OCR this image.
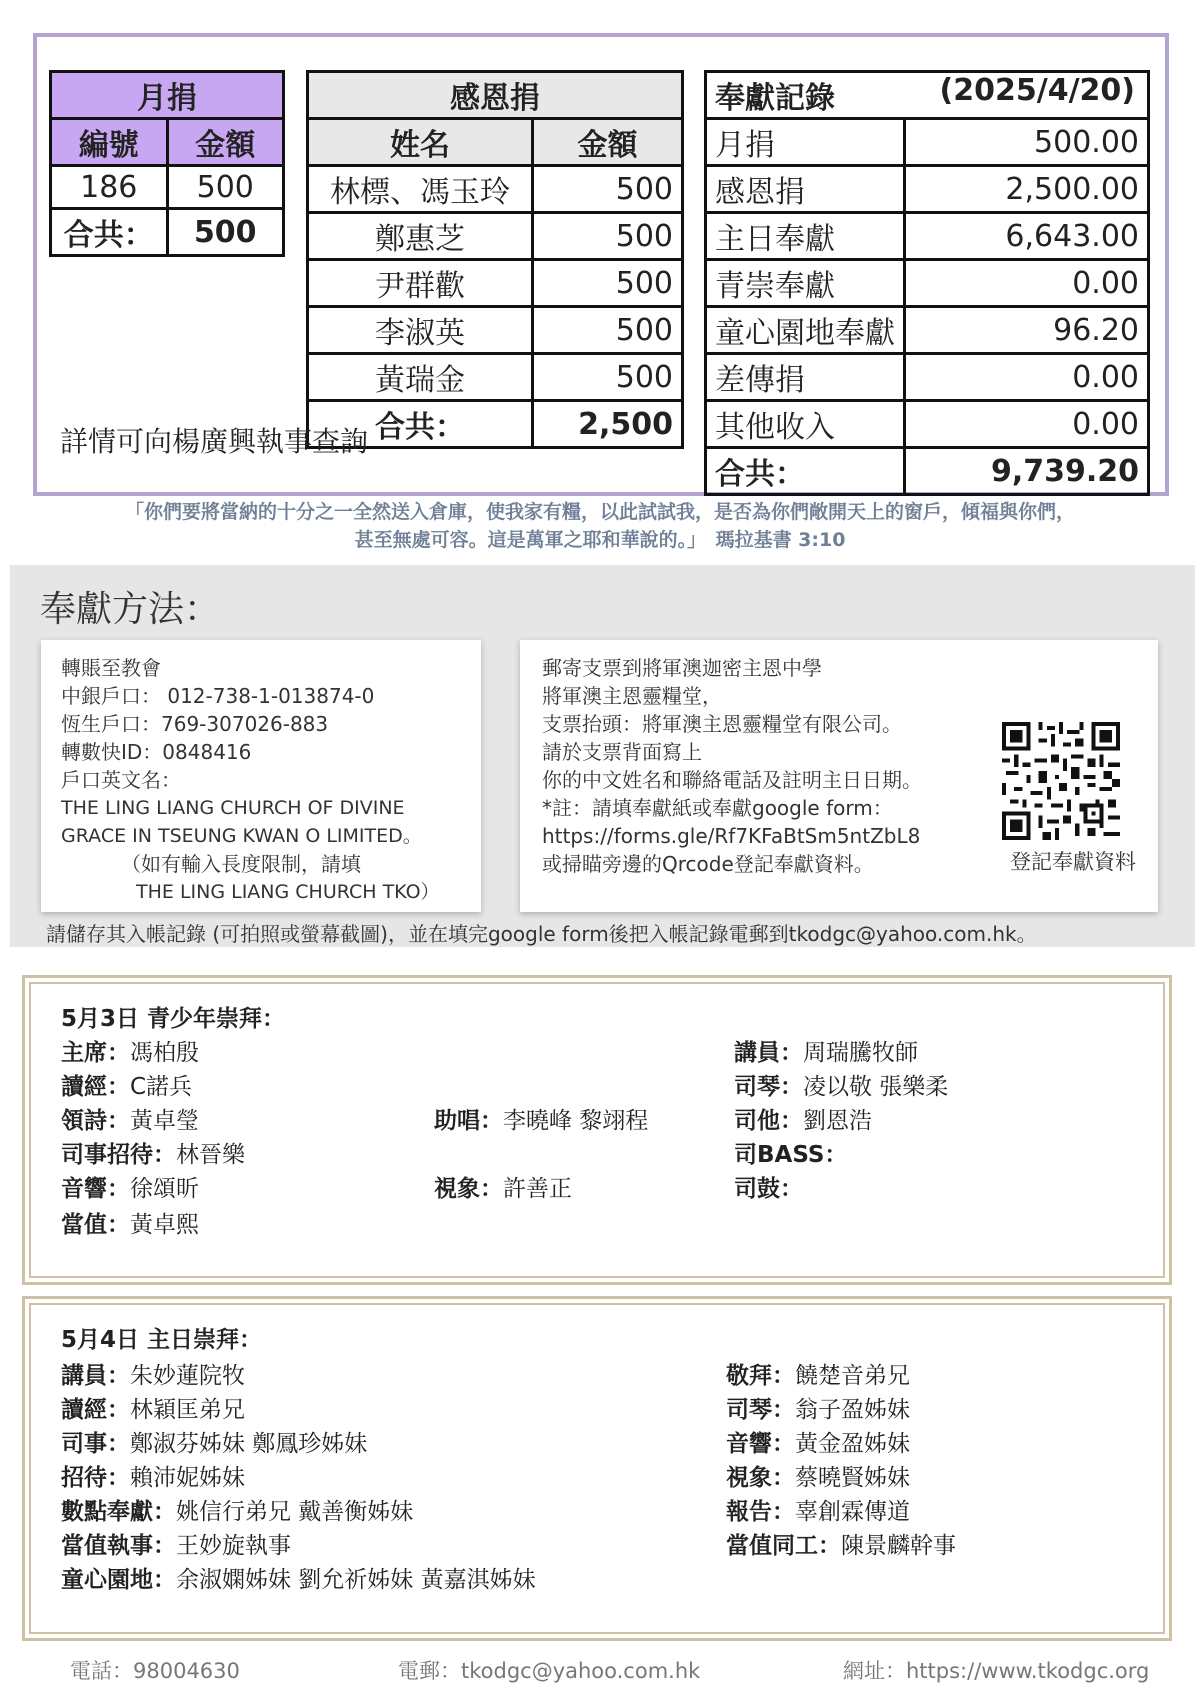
月捐	
編號	金額
186	500
合共：	500
感恩捐	
姓名	金額
林標、馮玉玲	500
鄭惠芝	500
尹群歡	500
李淑英	500
黃瑞金	500
合共：	2,500
奉獻記錄 (2025/4/20)	

月捐	500.00
感恩捐	2,500.00
主日奉獻	6,643.00
青崇奉獻	0.00
童心園地奉獻	96.20
差傳捐	0.00
其他收入	0.00
合共：	9,739.20
詳情可向楊廣興執事查詢
「你們要將當納的十分之一全然送入倉庫，使我家有糧，以此試試我，是否為你們敞開天上的窗戶，傾福與你們，
甚至無處可容。這是萬軍之耶和華說的。」　瑪拉基書 3:10
奉獻方法：

轉賬至教會

中銀戶口： 012-738-1-013874-0

恆生戶口：769-307026-883

轉數快ID：0848416

戶口英文名：

THE LING LIANG CHURCH OF DIVINE

GRACE IN TSEUNG KWAN O LIMITED。

（如有輸入長度限制，請填

THE LING LIANG CHURCH TKO）

郵寄支票到將軍澳迦密主恩中學

將軍澳主恩靈糧堂，

支票抬頭：將軍澳主恩靈糧堂有限公司。

請於支票背面寫上

你的中文姓名和聯絡電話及註明主日日期。

*註：請填奉獻紙或奉獻google form：

https://forms.gle/Rf7KFaBtSm5ntZbL8

或掃瞄旁邊的Qrcode登記奉獻資料。	登記奉獻資料
請儲存其入帳記錄 (可拍照或螢幕截圖)，並在填完google form後把入帳記錄電郵到tkodgc@yahoo.com.hk。
5月3日 青少年崇拜：
主席：馮柏殷
讀經：C諾兵
領詩：黃卓瑩
司事招待：林晉樂
音響：徐頌昕
當值：黃卓熙
助唱：李曉峰 黎翊程
視象：許善正
講員：周瑞騰牧師
司琴：凌以敬 張樂柔
司他：劉恩浩
司BASS：
司鼓：
5月4日 主日崇拜：
講員：朱妙蓮院牧
讀經：林穎匡弟兄
司事：鄭淑芬姊妹 鄭鳳珍姊妹
招待：賴沛妮姊妹
數點奉獻：姚信行弟兄 戴善衡姊妹
當值執事：王妙旋執事
童心園地：余淑嫻姊妹 劉允祈姊妹 黃嘉淇姊妹
敬拜：饒楚音弟兄
司琴：翁子盈姊妹
音響：黃金盈姊妹
視象：蔡曉賢姊妹
報告：辜創霖傳道
當值同工：陳景麟幹事
電話：98004630	電郵：tkodgc@yahoo.com.hk	網址：https://www.tkodgc.org
